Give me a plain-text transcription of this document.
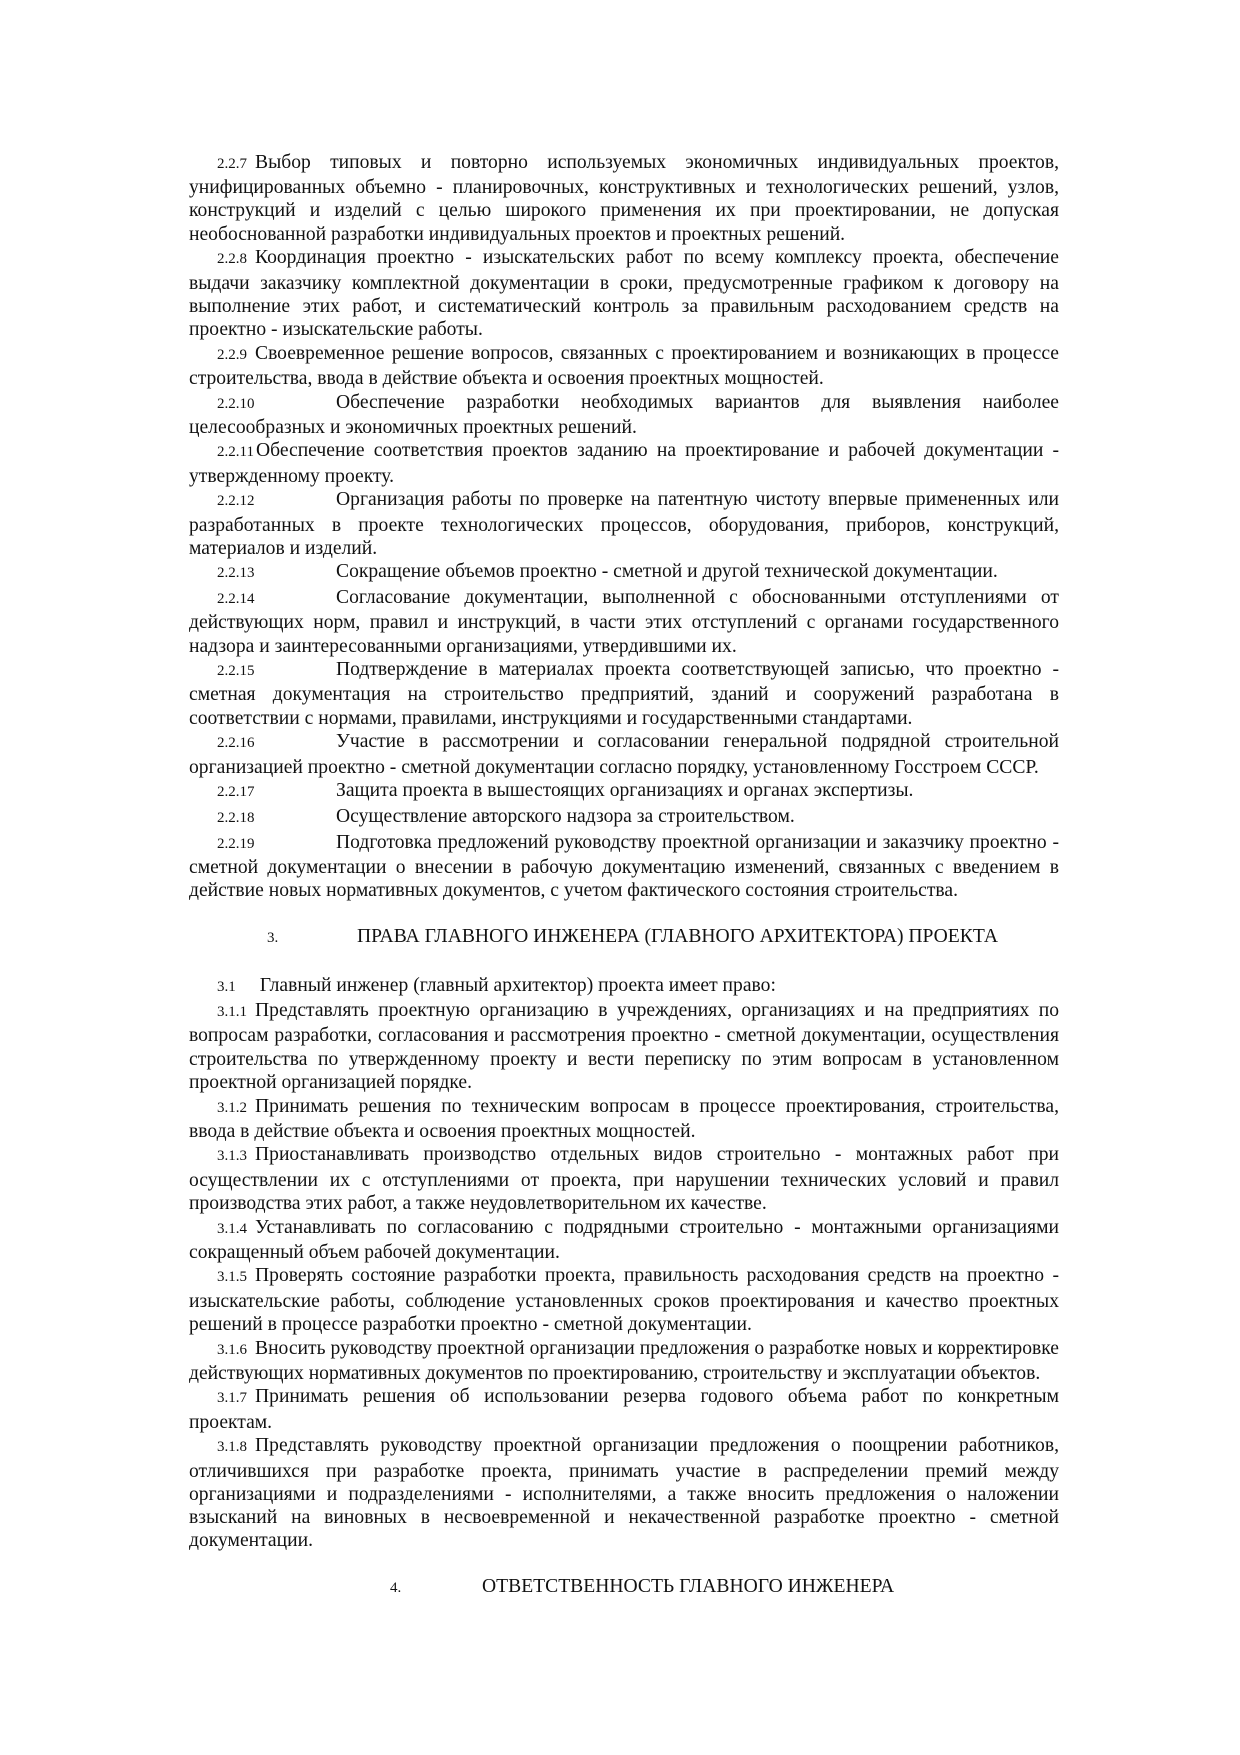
2.2.7 Выбор типовых и повторно используемых экономичных индивидуальных проектов, унифицированных объемно - планировочных, конструктивных и технологических решений, узлов, конструкций и изделий с целью широкого применения их при проектировании, не допуская необоснованной разработки индивидуальных проектов и проектных решений.
2.2.8 Координация проектно - изыскательских работ по всему комплексу проекта, обеспечение выдачи заказчику комплектной документации в сроки, предусмотренные графиком к договору на выполнение этих работ, и систематический контроль за правильным расходованием средств на проектно - изыскательские работы.
2.2.9 Своевременное решение вопросов, связанных с проектированием и возникающих в процессе строительства, ввода в действие объекта и освоения проектных мощностей.
2.2.10	Обеспечение разработки необходимых вариантов для выявления наиболее целесообразных и экономичных проектных решений.
2.2.11 Обеспечение соответствия проектов заданию на проектирование и рабочей документации - утвержденному проекту.
2.2.12	Организация работы по проверке на патентную чистоту впервые примененных или разработанных в проекте технологических процессов, оборудования, приборов, конструкций, материалов и изделий.
2.2.13	Сокращение объемов проектно - сметной и другой технической документации.
2.2.14	Согласование документации, выполненной с обоснованными отступлениями от действующих норм, правил и инструкций, в части этих отступлений с органами государственного надзора и заинтересованными организациями, утвердившими их.
2.2.15	Подтверждение в материалах проекта соответствующей записью, что проектно - сметная документация на строительство предприятий, зданий и сооружений разработана в соответствии с нормами, правилами, инструкциями и государственными стандартами.
2.2.16	Участие в рассмотрении и согласовании генеральной подрядной строительной организацией проектно - сметной документации согласно порядку, установленному Госстроем СССР.
2.2.17	Защита проекта в вышестоящих организациях и органах экспертизы.
2.2.18	Осуществление авторского надзора за строительством.
2.2.19	Подготовка предложений руководству проектной организации и заказчику проектно - сметной документации о внесении в рабочую документацию изменений, связанных с введением в действие новых нормативных документов, с учетом фактического состояния строительства.
3.	ПРАВА ГЛАВНОГО ИНЖЕНЕРА (ГЛАВНОГО АРХИТЕКТОРА) ПРОЕКТА
3.1 Главный инженер (главный архитектор) проекта имеет право:
3.1.1 Представлять проектную организацию в учреждениях, организациях и на предприятиях по вопросам разработки, согласования и рассмотрения проектно - сметной документации, осуществления строительства по утвержденному проекту и вести переписку по этим вопросам в установленном проектной организацией порядке.
3.1.2 Принимать решения по техническим вопросам в процессе проектирования, строительства, ввода в действие объекта и освоения проектных мощностей.
3.1.3 Приостанавливать производство отдельных видов строительно - монтажных работ при осуществлении их с отступлениями от проекта, при нарушении технических условий и правил производства этих работ, а также неудовлетворительном их качестве.
3.1.4 Устанавливать по согласованию с подрядными строительно - монтажными организациями сокращенный объем рабочей документации.
3.1.5 Проверять состояние разработки проекта, правильность расходования средств на проектно - изыскательские работы, соблюдение установленных сроков проектирования и качество проектных решений в процессе разработки проектно - сметной документации.
3.1.6 Вносить руководству проектной организации предложения о разработке новых и корректировке действующих нормативных документов по проектированию, строительству и эксплуатации объектов.
3.1.7 Принимать решения об использовании резерва годового объема работ по конкретным проектам.
3.1.8 Представлять руководству проектной организации предложения о поощрении работников, отличившихся при разработке проекта, принимать участие в распределении премий между организациями и подразделениями - исполнителями, а также вносить предложения о наложении взысканий на виновных в несвоевременной и некачественной разработке проектно - сметной документации.
4.	ОТВЕТСТВЕННОСТЬ ГЛАВНОГО ИНЖЕНЕРА
